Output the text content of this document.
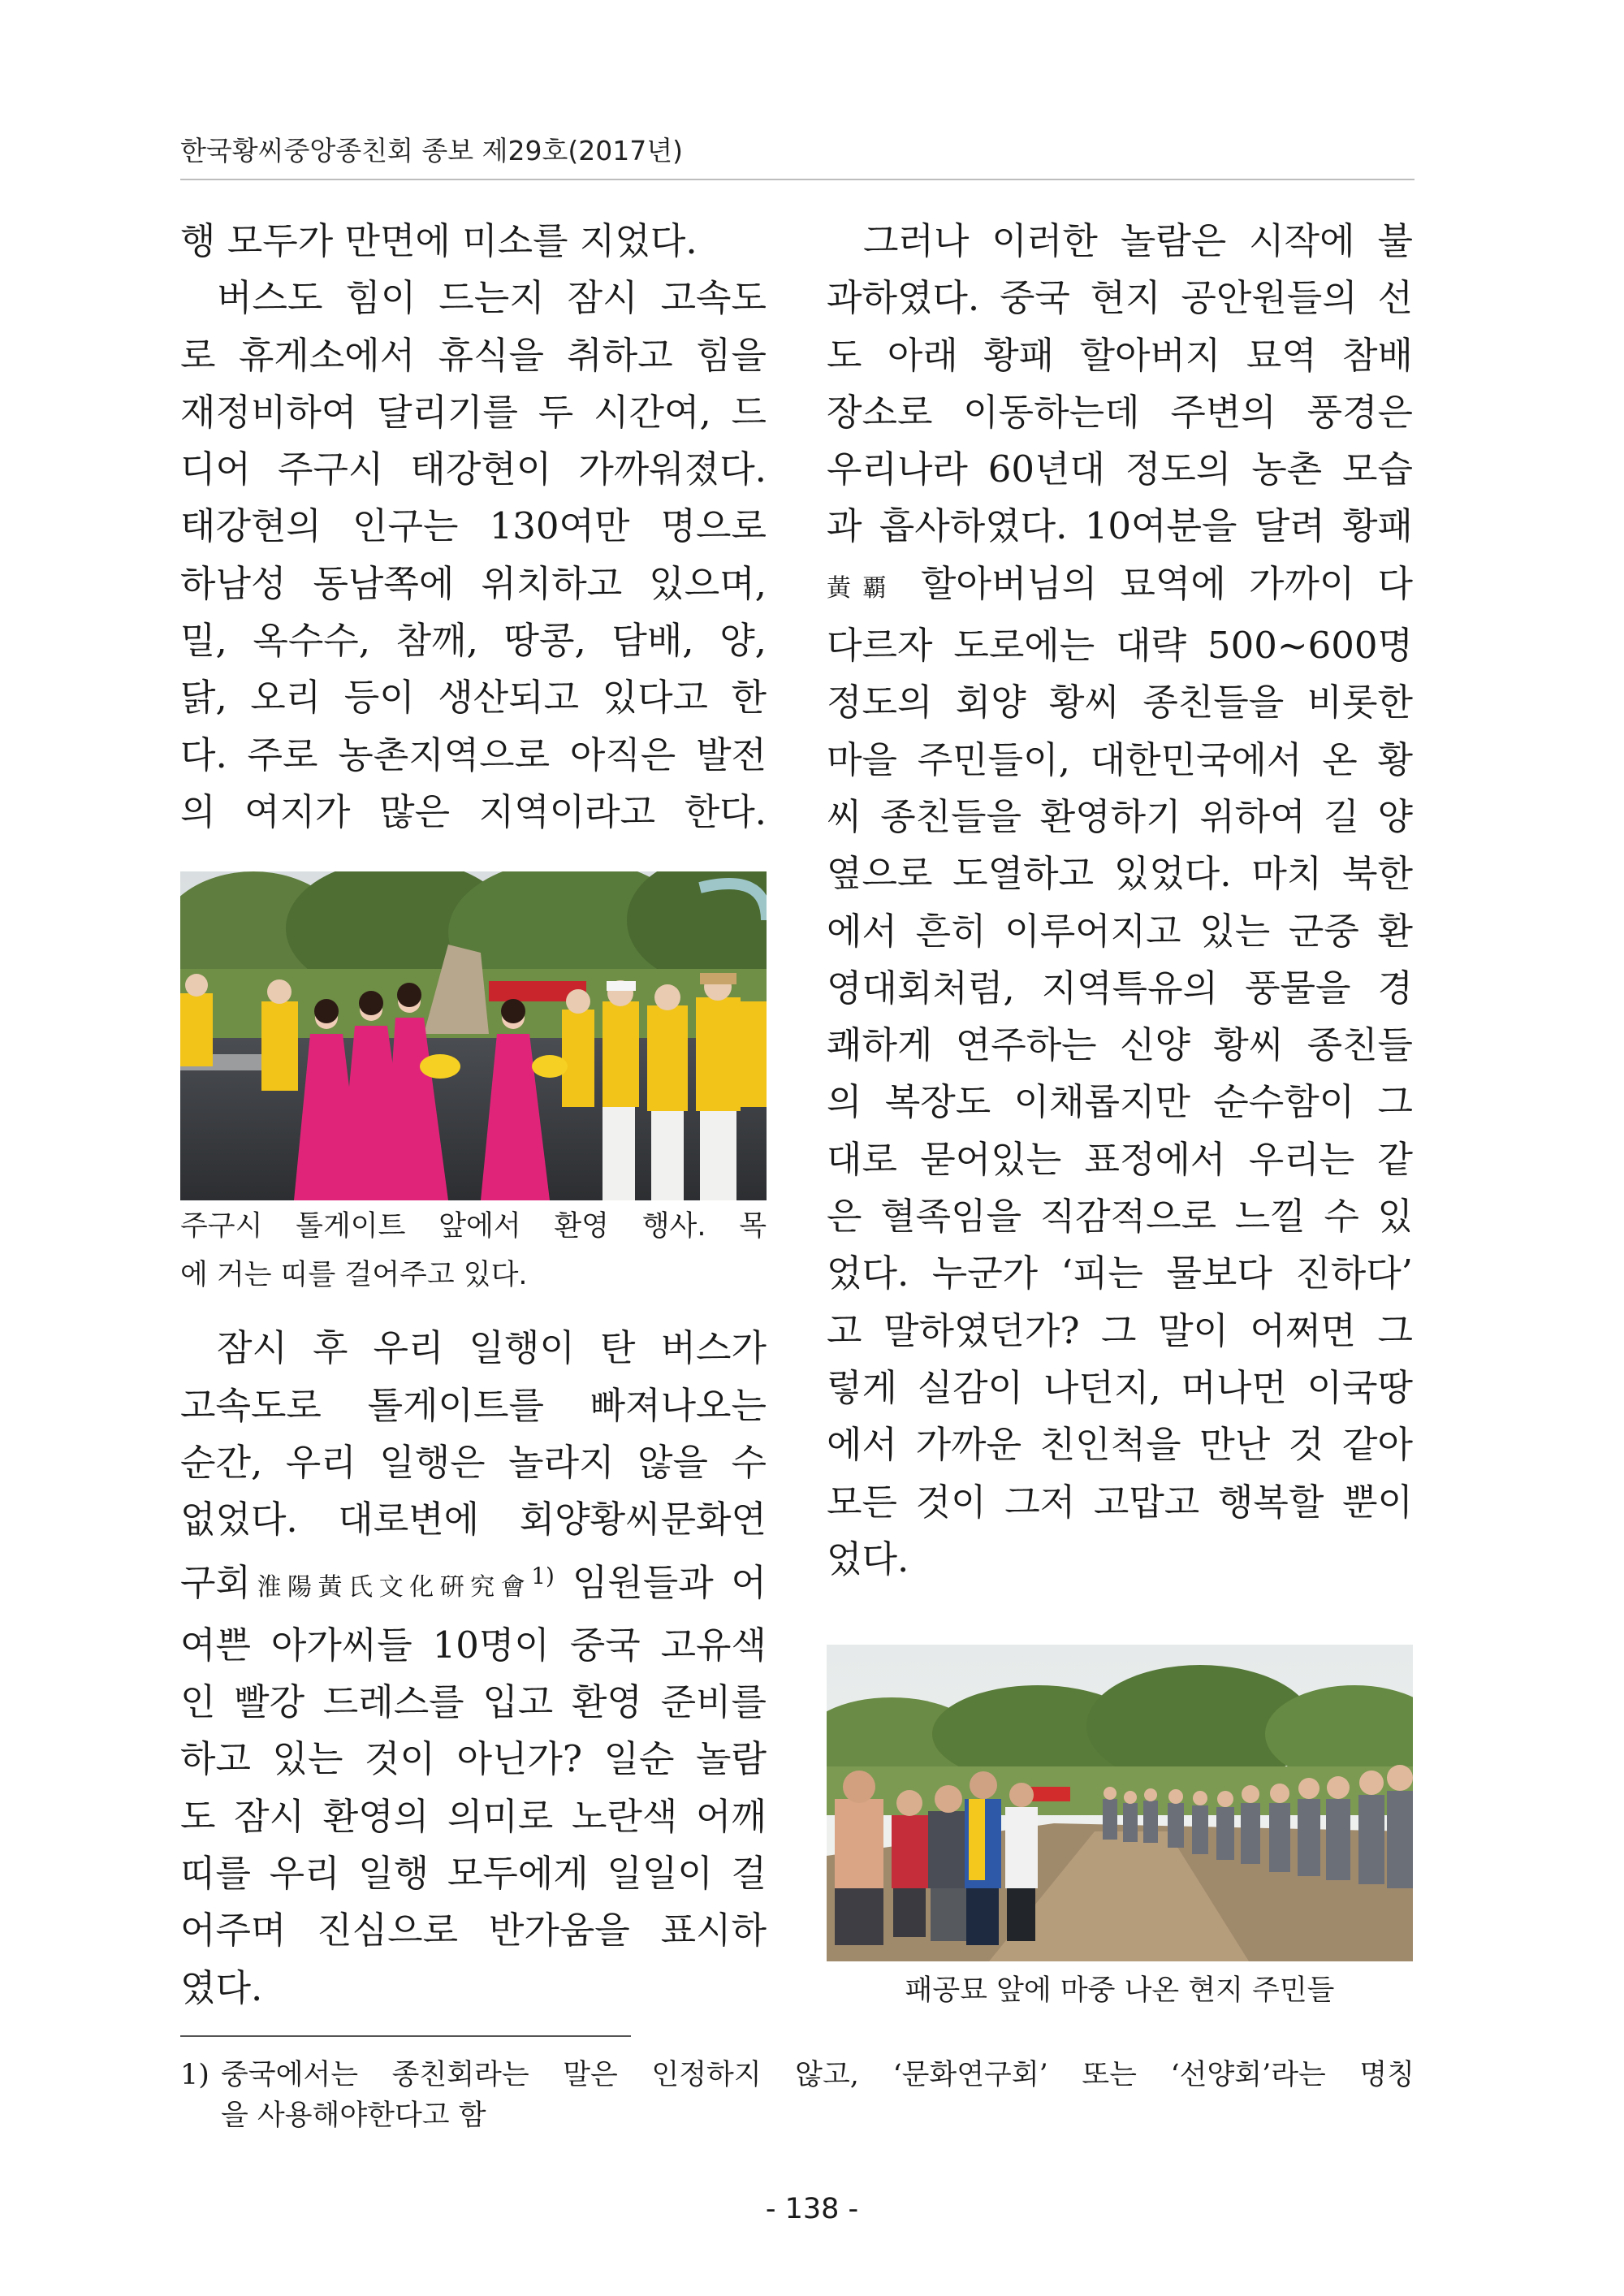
한국황씨중앙종친회 종보 제29호(2017년)
행 모두가 만면에 미소를 지었다.
버스도 힘이 드는지 잠시 고속도
로 휴게소에서 휴식을 취하고 힘을
재정비하여 달리기를 두 시간여, 드
디어 주구시 태강현이 가까워졌다.
태강현의 인구는 130여만 명으로
하남성 동남쪽에 위치하고 있으며,
밀, 옥수수, 참깨, 땅콩, 담배, 양,
닭, 오리 등이 생산되고 있다고 한
다. 주로 농촌지역으로 아직은 발전
의 여지가 많은 지역이라고 한다.
주구시 톨게이트 앞에서 환영 행사. 목
에 거는 띠를 걸어주고 있다.
잠시 후 우리 일행이 탄 버스가
고속도로 톨게이트를 빠져나오는
순간, 우리 일행은 놀라지 않을 수
없었다. 대로변에 회양황씨문화연
구회淮陽黃氏文化硏究會$^{1)}$ 임원들과 어
여쁜 아가씨들 10명이 중국 고유색
인 빨강 드레스를 입고 환영 준비를
하고 있는 것이 아닌가? 일순 놀람
도 잠시 환영의 의미로 노란색 어깨
띠를 우리 일행 모두에게 일일이 걸
어주며 진심으로 반가움을 표시하
였다.
그러나 이러한 놀람은 시작에 불
과하였다. 중국 현지 공안원들의 선
도 아래 황패 할아버지 묘역 참배
장소로 이동하는데 주변의 풍경은
우리나라 60년대 정도의 농촌 모습
과 흡사하였다. 10여분을 달려 황패
黃覇 할아버님의 묘역에 가까이 다
다르자 도로에는 대략 500~600명
정도의 회양 황씨 종친들을 비롯한
마을 주민들이, 대한민국에서 온 황
씨 종친들을 환영하기 위하여 길 양
옆으로 도열하고 있었다. 마치 북한
에서 흔히 이루어지고 있는 군중 환
영대회처럼, 지역특유의 풍물을 경
쾌하게 연주하는 신양 황씨 종친들
의 복장도 이채롭지만 순수함이 그
대로 묻어있는 표정에서 우리는 같
은 혈족임을 직감적으로 느낄 수 있
었다. 누군가 ‘피는 물보다 진하다’
고 말하였던가? 그 말이 어쩌면 그
렇게 실감이 나던지, 머나먼 이국땅
에서 가까운 친인척을 만난 것 같아
모든 것이 그저 고맙고 행복할 뿐이
었다.
패공묘 앞에 마중 나온 현지 주민들
1) 중국에서는 종친회라는 말은 인정하지 않고, ‘문화연구회’ 또는 ‘선양회’라는 명칭
을 사용해야한다고 함
- 138 -
